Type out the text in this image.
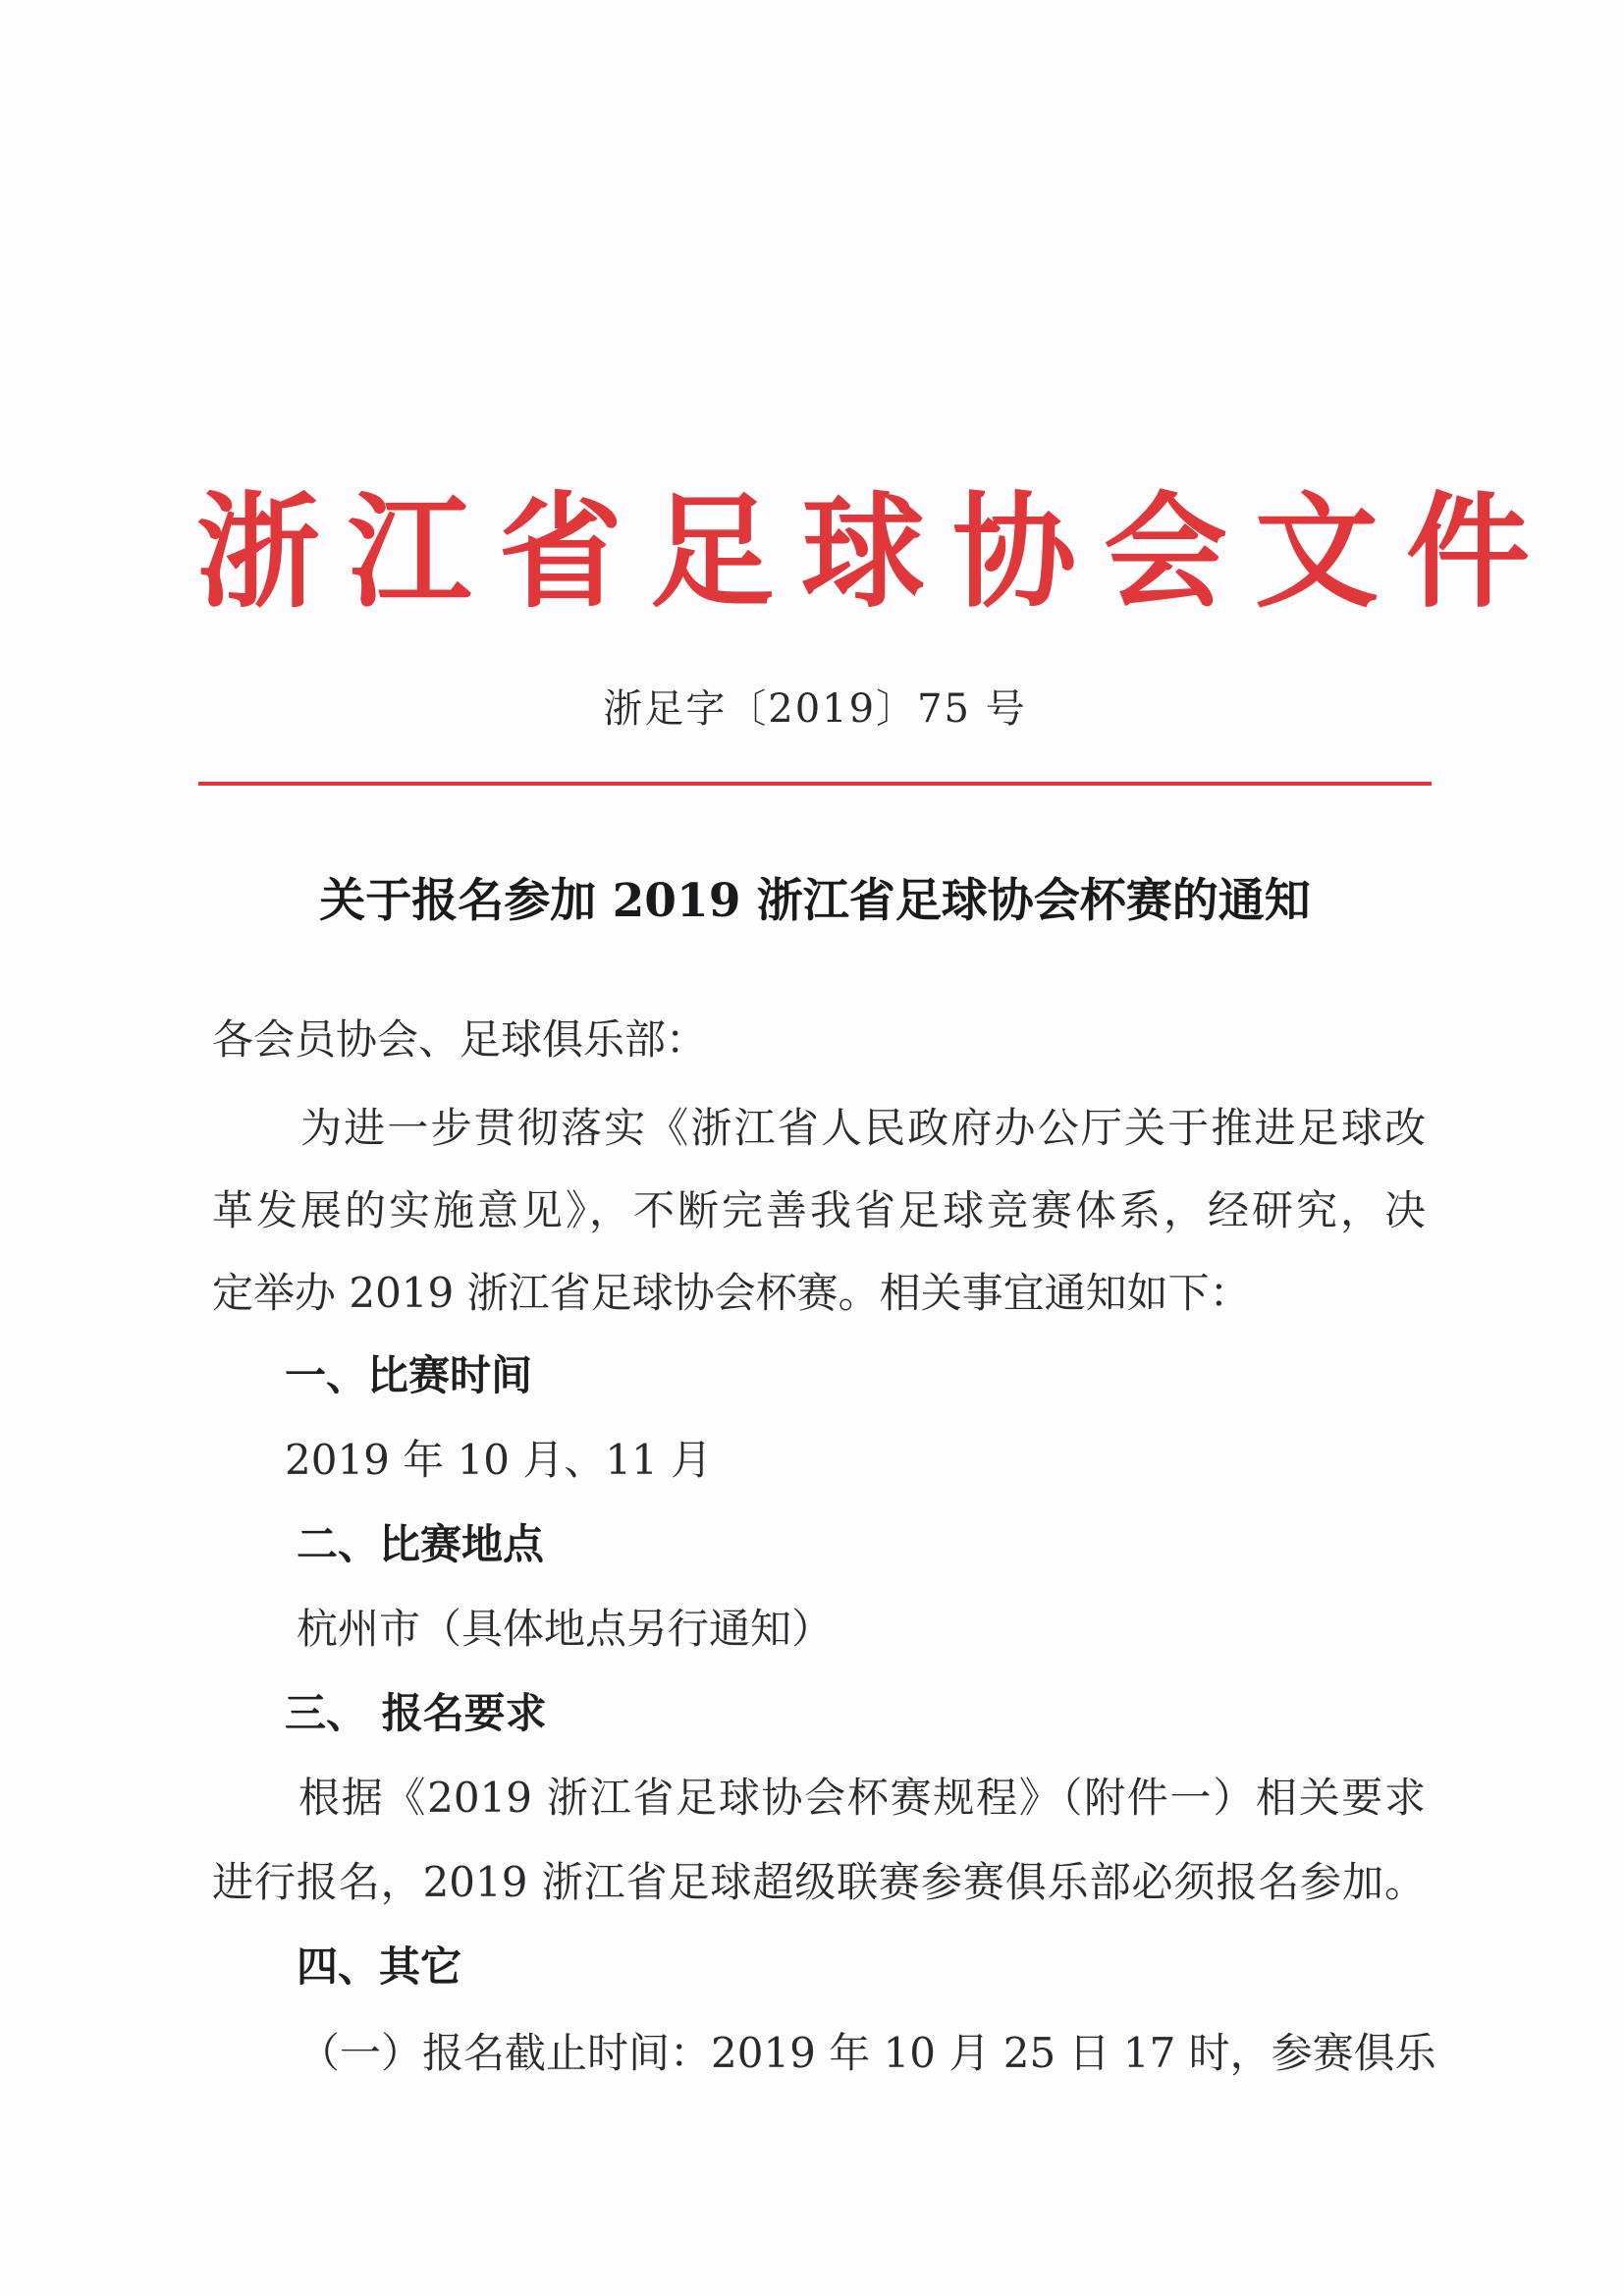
浙江省足球协会文件
浙足字〔2019〕75 号
关于报名参加 2019 浙江省足球协会杯赛的通知
各会员协会、足球俱乐部：
为进一步贯彻落实《浙江省人民政府办公厅关于推进足球改
革发展的实施意见》，不断完善我省足球竞赛体系，经研究，决
定举办 2019 浙江省足球协会杯赛。相关事宜通知如下：
一、比赛时间
2019 年 10 月、11 月
二、比赛地点
杭州市（具体地点另行通知）
三、 报名要求
根据《2019 浙江省足球协会杯赛规程》（附件一）相关要求
进行报名，2019 浙江省足球超级联赛参赛俱乐部必须报名参加。
四、其它
（一）报名截止时间：2019 年 10 月 25 日 17 时，参赛俱乐
